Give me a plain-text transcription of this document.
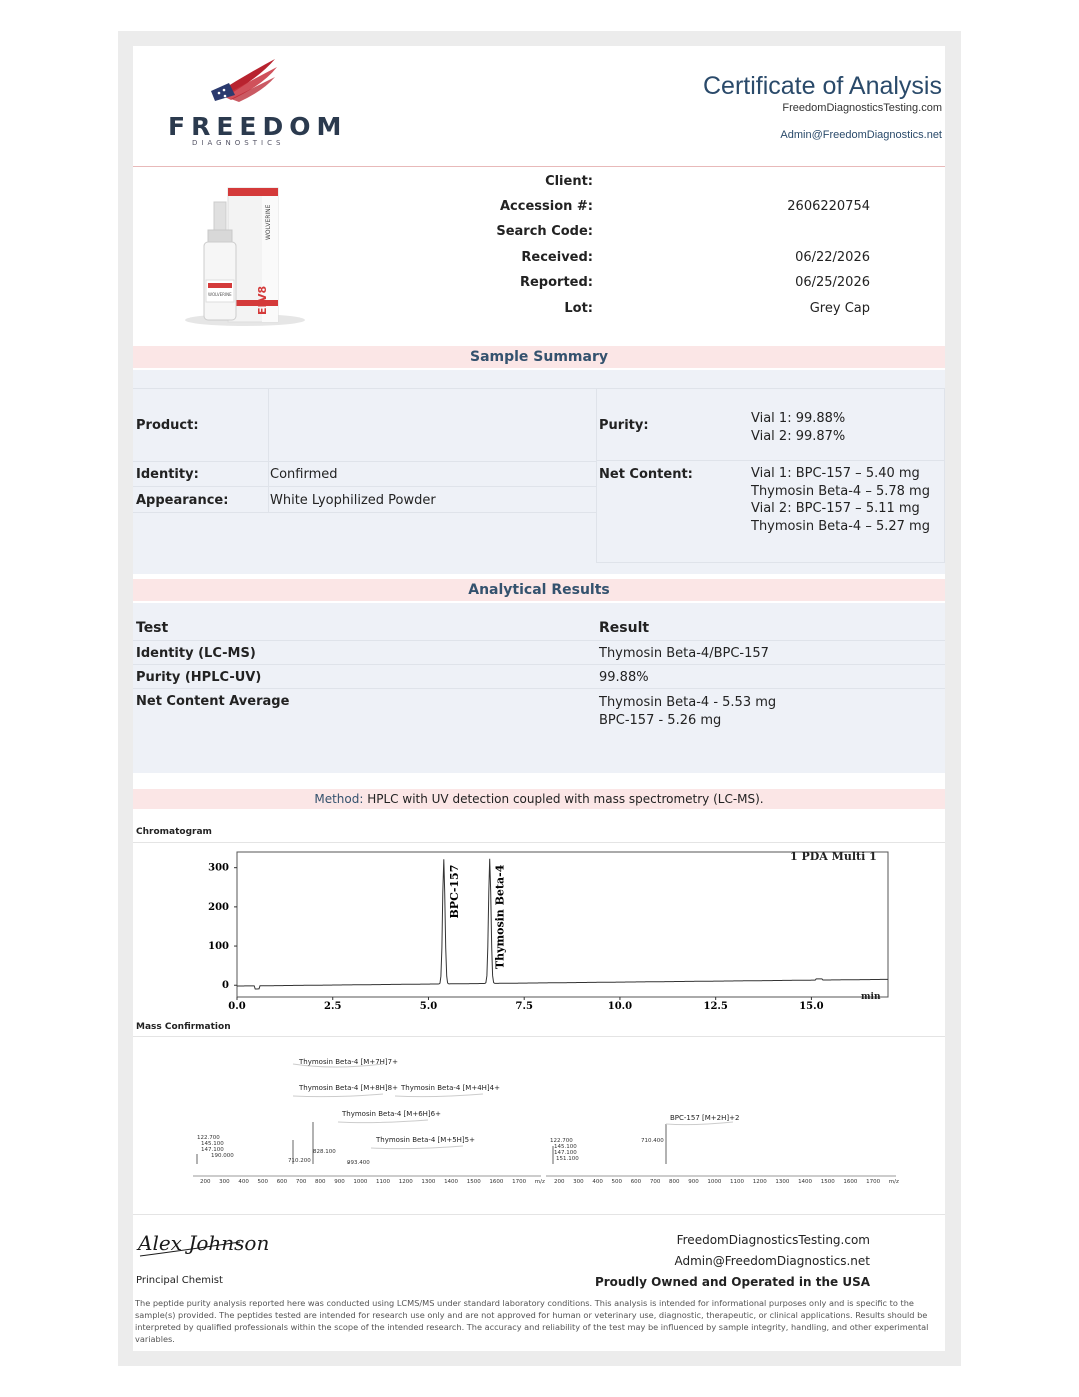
FREEDOM
DIAGNOSTICS
Certificate of Analysis
FreedomDiagnosticsTesting.com
Admin@FreedomDiagnostics.net
WOLVERINE
ELV8
WOLVERINE
Client:
Accession #:	2606220754
Search Code:
Received:	06/22/2026
Reported:	06/25/2026
Lot:	Grey Cap
Sample Summary
Product:
Identity:	Confirmed
Appearance:	White Lyophilized Powder
Purity:	Vial 1: 99.88%
Vial 2: 99.87%
Net Content:	Vial 1: BPC-157 – 5.40 mg
Thymosin Beta-4 – 5.78 mg
Vial 2: BPC-157 – 5.11 mg
Thymosin Beta-4 – 5.27 mg
Analytical Results
Test	Result
Identity (LC-MS)	Thymosin Beta-4/BPC-157
Purity (HPLC-UV)	99.88%
Net Content Average	Thymosin Beta-4 - 5.53 mg
BPC-157 - 5.26 mg
Method: HPLC with UV detection coupled with mass spectrometry (LC-MS).
Chromatogram
0
100
200
300
0.0	2.5	5.0	7.5	10.0	12.5	15.0
BPC-157	Thymosin Beta-4
1 PDA Multi 1
min
Mass Confirmation
Thymosin Beta-4 [M+7H]7+
Thymosin Beta-4 [M+8H]8+ Thymosin Beta-4 [M+4H]4+
Thymosin Beta-4 [M+6H]6+
Thymosin Beta-4 [M+5H]5+
122.700
145.100
147.100
190.000
710.200
828.100
993.400
BPC-157 [M+2H]+2
122.700
145.100
147.100
151.100
710.400
200 300 400 500 600 700 800 900 1000 1100 1200 1300 1400 1500 1600 1700 m/z 200 300 400 500 600 700 800 900 1000 1100 1200 1300 1400 1500 1600 1700 m/z
Alex Johnson
Principal Chemist
FreedomDiagnosticsTesting.com
Admin@FreedomDiagnostics.net
Proudly Owned and Operated in the USA
The peptide purity analysis reported here was conducted using LCMS/MS under standard laboratory conditions. This analysis is intended for informational purposes only and is specific to the sample(s) provided. The peptides tested are intended for research use only and are not approved for human or veterinary use, diagnostic, therapeutic, or clinical applications. Results should be interpreted by qualified professionals within the scope of the intended research. The accuracy and reliability of the test may be influenced by sample integrity, handling, and other experimental variables.
